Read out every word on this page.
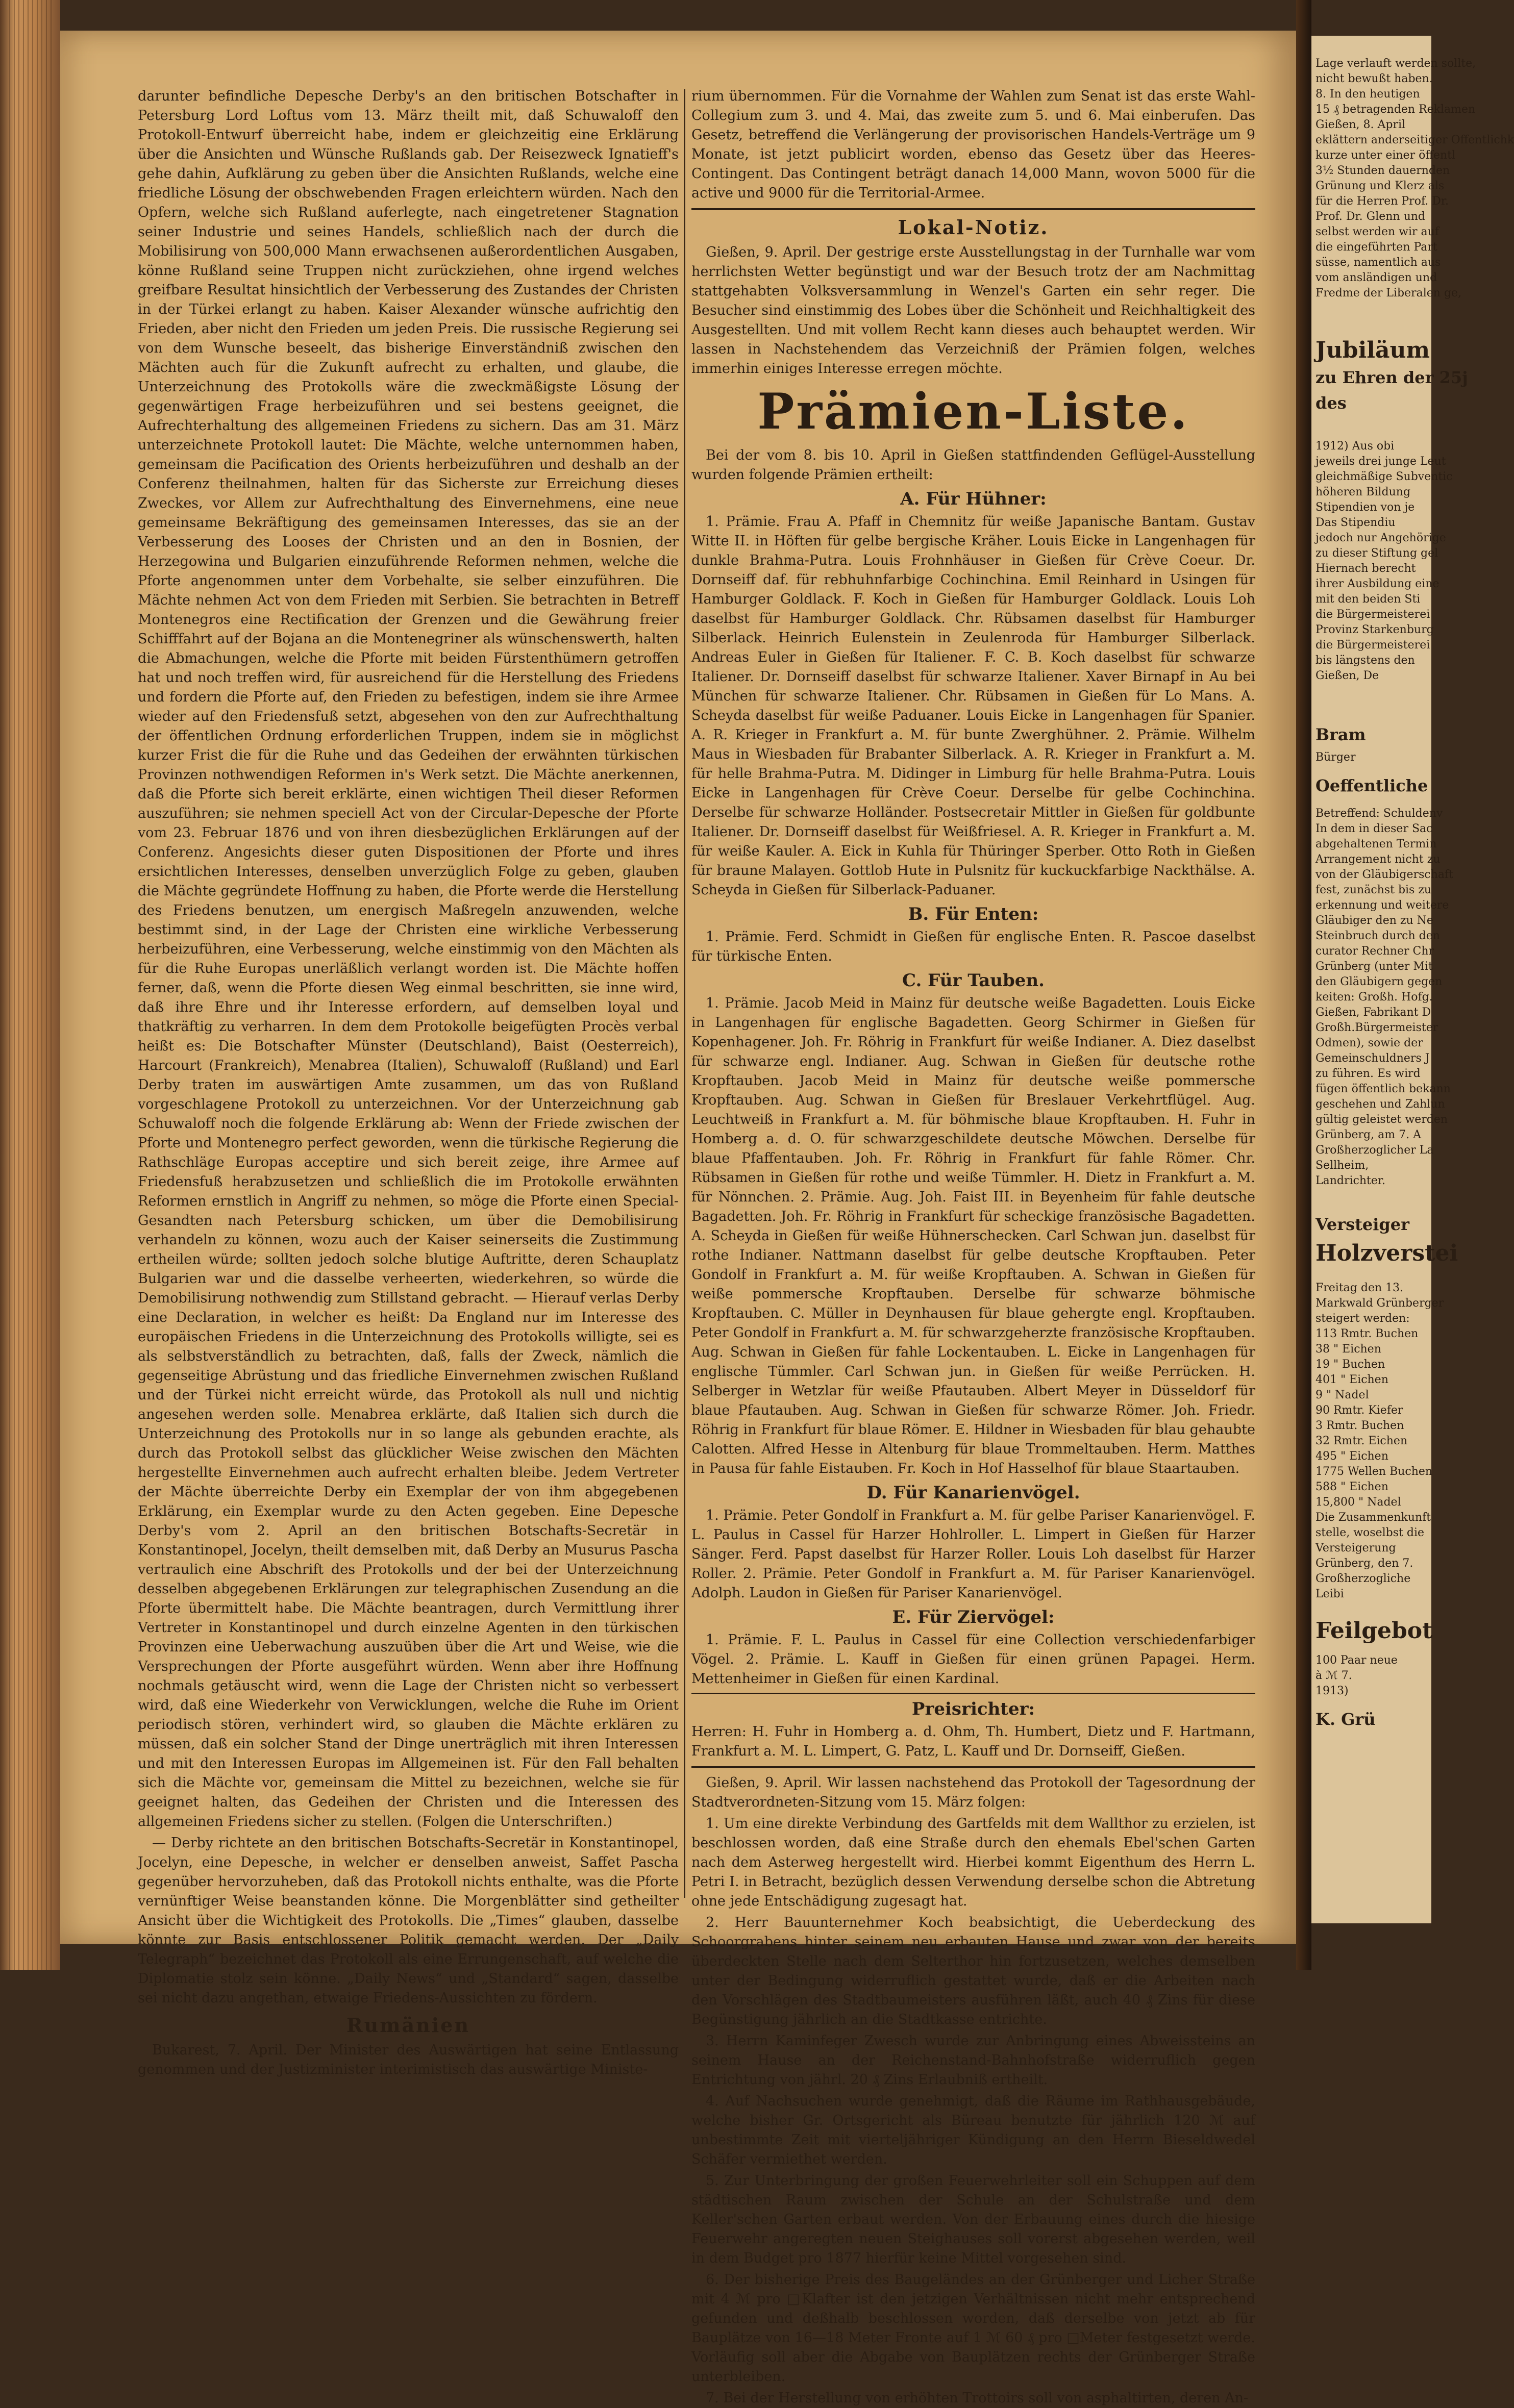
darunter befindliche Depesche Derby's an den britischen Botschafter in Petersburg Lord Loftus vom 13. März theilt mit, daß Schuwaloff den Protokoll-Entwurf überreicht habe, indem er gleichzeitig eine Erklärung über die Ansichten und Wünsche Rußlands gab. Der Reisezweck Ignatieff's gehe dahin, Aufklärung zu geben über die Ansichten Rußlands, welche eine friedliche Lösung der obschwebenden Fragen erleichtern würden. Nach den Opfern, welche sich Rußland auferlegte, nach eingetretener Stagnation seiner Industrie und seines Handels, schließlich nach der durch die Mobilisirung von 500,000 Mann erwachsenen außerordentlichen Ausgaben, könne Rußland seine Truppen nicht zurückziehen, ohne irgend welches greifbare Resultat hinsichtlich der Verbesserung des Zustandes der Christen in der Türkei erlangt zu haben. Kaiser Alexander wünsche aufrichtig den Frieden, aber nicht den Frieden um jeden Preis. Die russische Regierung sei von dem Wunsche beseelt, das bisherige Einverständniß zwischen den Mächten auch für die Zukunft aufrecht zu erhalten, und glaube, die Unterzeichnung des Protokolls wäre die zweckmäßigste Lösung der gegenwärtigen Frage herbeizuführen und sei bestens geeignet, die Aufrechterhaltung des allgemeinen Friedens zu sichern. Das am 31. März unterzeichnete Protokoll lautet: Die Mächte, welche unternommen haben, gemeinsam die Pacification des Orients herbeizuführen und deshalb an der Conferenz theilnahmen, halten für das Sicherste zur Erreichung dieses Zweckes, vor Allem zur Aufrechthaltung des Einvernehmens, eine neue gemeinsame Bekräftigung des gemeinsamen Interesses, das sie an der Verbesserung des Looses der Christen und an den in Bosnien, der Herzegowina und Bulgarien einzuführende Reformen nehmen, welche die Pforte angenommen unter dem Vorbehalte, sie selber einzuführen. Die Mächte nehmen Act von dem Frieden mit Serbien. Sie betrachten in Betreff Montenegros eine Rectification der Grenzen und die Gewährung freier Schifffahrt auf der Bojana an die Montenegriner als wünschenswerth, halten die Abmachungen, welche die Pforte mit beiden Fürstenthümern getroffen hat und noch treffen wird, für ausreichend für die Herstellung des Friedens und fordern die Pforte auf, den Frieden zu befestigen, indem sie ihre Armee wieder auf den Friedensfuß setzt, abgesehen von den zur Aufrechthaltung der öffentlichen Ordnung erforderlichen Truppen, indem sie in möglichst kurzer Frist die für die Ruhe und das Gedeihen der erwähnten türkischen Provinzen nothwendigen Reformen in's Werk setzt. Die Mächte anerkennen, daß die Pforte sich bereit erklärte, einen wichtigen Theil dieser Reformen auszuführen; sie nehmen speciell Act von der Circular-Depesche der Pforte vom 23. Februar 1876 und von ihren diesbezüglichen Erklärungen auf der Conferenz. Angesichts dieser guten Dispositionen der Pforte und ihres ersichtlichen Interesses, denselben unverzüglich Folge zu geben, glauben die Mächte gegründete Hoffnung zu haben, die Pforte werde die Herstellung des Friedens benutzen, um energisch Maßregeln anzuwenden, welche bestimmt sind, in der Lage der Christen eine wirkliche Verbesserung herbeizuführen, eine Verbesserung, welche einstimmig von den Mächten als für die Ruhe Europas unerläßlich verlangt worden ist. Die Mächte hoffen ferner, daß, wenn die Pforte diesen Weg einmal beschritten, sie inne wird, daß ihre Ehre und ihr Interesse erfordern, auf demselben loyal und thatkräftig zu verharren. In dem dem Protokolle beigefügten Procès verbal heißt es: Die Botschafter Münster (Deutschland), Baist (Oesterreich), Harcourt (Frankreich), Menabrea (Italien), Schuwaloff (Rußland) und Earl Derby traten im auswärtigen Amte zusammen, um das von Rußland vorgeschlagene Protokoll zu unterzeichnen. Vor der Unterzeichnung gab Schuwaloff noch die folgende Erklärung ab: Wenn der Friede zwischen der Pforte und Montenegro perfect geworden, wenn die türkische Regierung die Rathschläge Europas acceptire und sich bereit zeige, ihre Armee auf Friedensfuß herabzusetzen und schließlich die im Protokolle erwähnten Reformen ernstlich in Angriff zu nehmen, so möge die Pforte einen Special-Gesandten nach Petersburg schicken, um über die Demobilisirung verhandeln zu können, wozu auch der Kaiser seinerseits die Zustimmung ertheilen würde; sollten jedoch solche blutige Auftritte, deren Schauplatz Bulgarien war und die dasselbe verheerten, wiederkehren, so würde die Demobilisirung nothwendig zum Stillstand gebracht. — Hierauf verlas Derby eine Declaration, in welcher es heißt: Da England nur im Interesse des europäischen Friedens in die Unterzeichnung des Protokolls willigte, sei es als selbstverständlich zu betrachten, daß, falls der Zweck, nämlich die gegenseitige Abrüstung und das friedliche Einvernehmen zwischen Rußland und der Türkei nicht erreicht würde, das Protokoll als null und nichtig angesehen werden solle. Menabrea erklärte, daß Italien sich durch die Unterzeichnung des Protokolls nur in so lange als gebunden erachte, als durch das Protokoll selbst das glücklicher Weise zwischen den Mächten hergestellte Einvernehmen auch aufrecht erhalten bleibe. Jedem Vertreter der Mächte überreichte Derby ein Exemplar der von ihm abgegebenen Erklärung, ein Exemplar wurde zu den Acten gegeben. Eine Depesche Derby's vom 2. April an den britischen Botschafts-Secretär in Konstantinopel, Jocelyn, theilt demselben mit, daß Derby an Musurus Pascha vertraulich eine Abschrift des Protokolls und der bei der Unterzeichnung desselben abgegebenen Erklärungen zur telegraphischen Zusendung an die Pforte übermittelt habe. Die Mächte beantragen, durch Vermittlung ihrer Vertreter in Konstantinopel und durch einzelne Agenten in den türkischen Provinzen eine Ueberwachung auszuüben über die Art und Weise, wie die Versprechungen der Pforte ausgeführt würden. Wenn aber ihre Hoffnung nochmals getäuscht wird, wenn die Lage der Christen nicht so verbessert wird, daß eine Wiederkehr von Verwicklungen, welche die Ruhe im Orient periodisch stören, verhindert wird, so glauben die Mächte erklären zu müssen, daß ein solcher Stand der Dinge unerträglich mit ihren Interessen und mit den Interessen Europas im Allgemeinen ist. Für den Fall behalten sich die Mächte vor, gemeinsam die Mittel zu bezeichnen, welche sie für geeignet halten, das Gedeihen der Christen und die Interessen des allgemeinen Friedens sicher zu stellen. (Folgen die Unterschriften.)

— Derby richtete an den britischen Botschafts-Secretär in Konstantinopel, Jocelyn, eine Depesche, in welcher er denselben anweist, Saffet Pascha gegenüber hervorzuheben, daß das Protokoll nichts enthalte, was die Pforte vernünftiger Weise beanstanden könne. Die Morgenblätter sind getheilter Ansicht über die Wichtigkeit des Protokolls. Die „Times“ glauben, dasselbe könnte zur Basis entschlossener Politik gemacht werden. Der „Daily Telegraph“ bezeichnet das Protokoll als eine Errungenschaft, auf welche die Diplomatie stolz sein könne. „Daily News“ und „Standard“ sagen, dasselbe sei nicht dazu angethan, etwaige Friedens-Aussichten zu fördern.

Rumänien

Bukarest, 7. April. Der Minister des Auswärtigen hat seine Entlassung genommen und der Justizminister interimistisch das auswärtige Ministe-

rium übernommen. Für die Vornahme der Wahlen zum Senat ist das erste Wahl-Collegium zum 3. und 4. Mai, das zweite zum 5. und 6. Mai einberufen. Das Gesetz, betreffend die Verlängerung der provisorischen Handels-Verträge um 9 Monate, ist jetzt publicirt worden, ebenso das Gesetz über das Heeres-Contingent. Das Contingent beträgt danach 14,000 Mann, wovon 5000 für die active und 9000 für die Territorial-Armee.

Lokal-Notiz.

Gießen, 9. April. Der gestrige erste Ausstellungstag in der Turnhalle war vom herrlichsten Wetter begünstigt und war der Besuch trotz der am Nachmittag stattgehabten Volksversammlung in Wenzel's Garten ein sehr reger. Die Besucher sind einstimmig des Lobes über die Schönheit und Reichhaltigkeit des Ausgestellten. Und mit vollem Recht kann dieses auch behauptet werden. Wir lassen in Nachstehendem das Verzeichniß der Prämien folgen, welches immerhin einiges Interesse erregen möchte.

Prämien-Liste.

Bei der vom 8. bis 10. April in Gießen stattfindenden Geflügel-Ausstellung wurden folgende Prämien ertheilt:

A. Für Hühner:

1. Prämie. Frau A. Pfaff in Chemnitz für weiße Japanische Bantam. Gustav Witte II. in Höften für gelbe bergische Kräher. Louis Eicke in Langenhagen für dunkle Brahma-Putra. Louis Frohnhäuser in Gießen für Crève Coeur. Dr. Dornseiff daf. für rebhuhnfarbige Cochinchina. Emil Reinhard in Usingen für Hamburger Goldlack. F. Koch in Gießen für Hamburger Goldlack. Louis Loh daselbst für Hamburger Goldlack. Chr. Rübsamen daselbst für Hamburger Silberlack. Heinrich Eulenstein in Zeulenroda für Hamburger Silberlack. Andreas Euler in Gießen für Italiener. F. C. B. Koch daselbst für schwarze Italiener. Dr. Dornseiff daselbst für schwarze Italiener. Xaver Birnapf in Au bei München für schwarze Italiener. Chr. Rübsamen in Gießen für Lo Mans. A. Scheyda daselbst für weiße Paduaner. Louis Eicke in Langenhagen für Spanier. A. R. Krieger in Frankfurt a. M. für bunte Zwerghühner. 2. Prämie. Wilhelm Maus in Wiesbaden für Brabanter Silberlack. A. R. Krieger in Frankfurt a. M. für helle Brahma-Putra. M. Didinger in Limburg für helle Brahma-Putra. Louis Eicke in Langenhagen für Crève Coeur. Derselbe für gelbe Cochinchina. Derselbe für schwarze Holländer. Postsecretair Mittler in Gießen für goldbunte Italiener. Dr. Dornseiff daselbst für Weißfriesel. A. R. Krieger in Frankfurt a. M. für weiße Kauler. A. Eick in Kuhla für Thüringer Sperber. Otto Roth in Gießen für braune Malayen. Gottlob Hute in Pulsnitz für kuckuckfarbige Nackthälse. A. Scheyda in Gießen für Silberlack-Paduaner.

B. Für Enten:

1. Prämie. Ferd. Schmidt in Gießen für englische Enten. R. Pascoe daselbst für türkische Enten.

C. Für Tauben.

1. Prämie. Jacob Meid in Mainz für deutsche weiße Bagadetten. Louis Eicke in Langenhagen für englische Bagadetten. Georg Schirmer in Gießen für Kopenhagener. Joh. Fr. Röhrig in Frankfurt für weiße Indianer. A. Diez daselbst für schwarze engl. Indianer. Aug. Schwan in Gießen für deutsche rothe Kropftauben. Jacob Meid in Mainz für deutsche weiße pommersche Kropftauben. Aug. Schwan in Gießen für Breslauer Verkehrtflügel. Aug. Leuchtweiß in Frankfurt a. M. für böhmische blaue Kropftauben. H. Fuhr in Homberg a. d. O. für schwarzgeschildete deutsche Möwchen. Derselbe für blaue Pfaffentauben. Joh. Fr. Röhrig in Frankfurt für fahle Römer. Chr. Rübsamen in Gießen für rothe und weiße Tümmler. H. Dietz in Frankfurt a. M. für Nönnchen. 2. Prämie. Aug. Joh. Faist III. in Beyenheim für fahle deutsche Bagadetten. Joh. Fr. Röhrig in Frankfurt für scheckige französische Bagadetten. A. Scheyda in Gießen für weiße Hühnerschecken. Carl Schwan jun. daselbst für rothe Indianer. Nattmann daselbst für gelbe deutsche Kropftauben. Peter Gondolf in Frankfurt a. M. für weiße Kropftauben. A. Schwan in Gießen für weiße pommersche Kropftauben. Derselbe für schwarze böhmische Kropftauben. C. Müller in Deynhausen für blaue gehergte engl. Kropftauben. Peter Gondolf in Frankfurt a. M. für schwarzgeherzte französische Kropftauben. Aug. Schwan in Gießen für fahle Lockentauben. L. Eicke in Langenhagen für englische Tümmler. Carl Schwan jun. in Gießen für weiße Perrücken. H. Selberger in Wetzlar für weiße Pfautauben. Albert Meyer in Düsseldorf für blaue Pfautauben. Aug. Schwan in Gießen für schwarze Römer. Joh. Friedr. Röhrig in Frankfurt für blaue Römer. E. Hildner in Wiesbaden für blau gehaubte Calotten. Alfred Hesse in Altenburg für blaue Trommeltauben. Herm. Matthes in Pausa für fahle Eistauben. Fr. Koch in Hof Hasselhof für blaue Staartauben.

D. Für Kanarienvögel.

1. Prämie. Peter Gondolf in Frankfurt a. M. für gelbe Pariser Kanarienvögel. F. L. Paulus in Cassel für Harzer Hohlroller. L. Limpert in Gießen für Harzer Sänger. Ferd. Papst daselbst für Harzer Roller. Louis Loh daselbst für Harzer Roller. 2. Prämie. Peter Gondolf in Frankfurt a. M. für Pariser Kanarienvögel. Adolph. Laudon in Gießen für Pariser Kanarienvögel.

E. Für Ziervögel:

1. Prämie. F. L. Paulus in Cassel für eine Collection verschiedenfarbiger Vögel. 2. Prämie. L. Kauff in Gießen für einen grünen Papagei. Herm. Mettenheimer in Gießen für einen Kardinal.

Preisrichter:

Herren: H. Fuhr in Homberg a. d. Ohm, Th. Humbert, Dietz und F. Hartmann, Frankfurt a. M. L. Limpert, G. Patz, L. Kauff und Dr. Dornseiff, Gießen.

Gießen, 9. April. Wir lassen nachstehend das Protokoll der Tagesordnung der Stadtverordneten-Sitzung vom 15. März folgen:

1. Um eine direkte Verbindung des Gartfelds mit dem Wallthor zu erzielen, ist beschlossen worden, daß eine Straße durch den ehemals Ebel'schen Garten nach dem Asterweg hergestellt wird. Hierbei kommt Eigenthum des Herrn L. Petri I. in Betracht, bezüglich dessen Verwendung derselbe schon die Abtretung ohne jede Entschädigung zugesagt hat.

2. Herr Bauunternehmer Koch beabsichtigt, die Ueberdeckung des Schoorgrabens hinter seinem neu erbauten Hause und zwar von der bereits überdeckten Stelle nach dem Selterthor hin fortzusetzen, welches demselben unter der Bedingung widerruflich gestattet wurde, daß er die Arbeiten nach den Vorschlägen des Stadtbaumeisters ausführen läßt, auch 40 ₰ Zins für diese Begünstigung jährlich an die Stadtkasse entrichte.

3. Herrn Kaminfeger Zwesch wurde zur Anbringung eines Abweissteins an seinem Hause an der Reichenstand-Bahnhofstraße widerruflich gegen Entrichtung von jährl. 20 ₰ Zins Erlaubniß ertheilt.

4. Auf Nachsuchen wurde genehmigt, daß die Räume im Rathhausgebäude, welche bisher Gr. Ortsgericht als Büreau benutzte für jährlich 120 ℳ auf unbestimmte Zeit mit vierteljähriger Kündigung an den Herrn Bieseldwedel Schäfer vermiethet werden.

5. Zur Unterbringung der großen Feuerwehrleiter soll ein Schuppen auf dem städtischen Raum zwischen der Schule an der Schulstraße und dem Keller'schen Garten erbaut werden. Von der Erbauung eines durch die hiesige Feuerwehr angeregten neuen Steighauses soll vorerst abgesehen werden, weil in dem Budget pro 1877 hierfür keine Mittel vorgesehen sind.

6. Der bisherige Preis des Baugeländes an der Grünberger und Licher Straße mit 4 ℳ pro □Klafter ist den jetzigen Verhältnissen nicht mehr entsprechend gefunden und deßhalb beschlossen worden, daß derselbe von jetzt ab für Bauplätze von 16—18 Meter Fronte auf 1 ℳ 60 ₰ pro □Meter festgesetzt werde. Vorläufig soll aber die Abgabe von Bauplätzen rechts der Grünberger Straße unterbleiben.

7. Bei der Herstellung von erhöhten Trottoirs soll von asphaltirten, deren An-

Lage verlauft werden sollte,
nicht bewußt haben.
8. In den heutigen
15 ₰ betragenden Reklamen
Gießen, 8. April
eklättern anderseitiger Offentlichk
kurze unter einer öffentl
3½ Stunden dauernden
Grünung und Klerz als
für die Herren Prof. Dr.
Prof. Dr. Glenn und
selbst werden wir auf
die eingeführten Part
süsse, namentlich aus
vom ansländigen und
Fredme der Liberalen ge,
Jubiläum
zu Ehren der 25j
des
1912) Aus obi
jeweils drei junge Leut
gleichmäßige Subventic
höheren Bildung
Stipendien von je
Das Stipendiu
jedoch nur Angehörige
zu dieser Stiftung gel
Hiernach berecht
ihrer Ausbildung eine
mit den beiden Sti
die Bürgermeisterei
Provinz Starkenburg
die Bürgermeisterei
bis längstens den
Gießen, De
Bram
Bürger
Oeffentliche
Betreffend: Schuldenv
In dem in dieser Sac
abgehaltenen Termin
Arrangement nicht zu
von der Gläubigerschaft
fest, zunächst bis zu
erkennung und weitere
Gläubiger den zu Ne
Steinbruch durch den
curator Rechner Chr
Grünberg (unter Mit
den Gläubigern gegen
keiten: Großh. Hofg.
Gießen, Fabrikant D
Großh.Bürgermeister
Odmen), sowie der
Gemeinschuldners J
zu führen. Es wird
fügen öffentlich bekann
geschehen und Zahlun
gültig geleistet werden
Grünberg, am 7. A
Großherzoglicher La
Sellheim,
Landrichter.
Versteiger
Holzverstei
Freitag den 13.
Markwald Grünberger
steigert werden:
113 Rmtr. Buchen
38 " Eichen
19 " Buchen
401 " Eichen
9 " Nadel
90 Rmtr. Kiefer
3 Rmtr. Buchen
32 Rmtr. Eichen
495 " Eichen
1775 Wellen Buchen
588 " Eichen
15,800 " Nadel
Die Zusammenkunft
stelle, woselbst die
Versteigerung
Grünberg, den 7.
Großherzogliche
Leibi
Feilgebot
100 Paar neue
à ℳ 7.
1913)
K. Grü
